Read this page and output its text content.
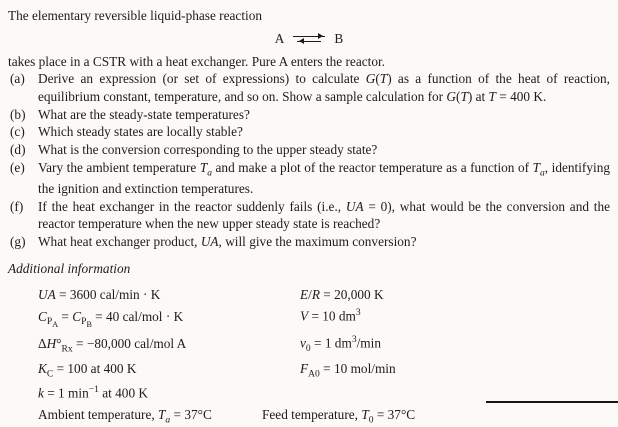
The elementary reversible liquid-phase reaction

A ⇌ B

takes place in a CSTR with a heat exchanger. Pure A enters the reactor.

(a) Derive an expression (or set of expressions) to calculate G(T) as a function of the heat of reaction, equilibrium constant, temperature, and so on. Show a sample calculation for G(T) at T = 400 K.
(b) What are the steady-state temperatures?
(c) Which steady states are locally stable?
(d) What is the conversion corresponding to the upper steady state?
(e) Vary the ambient temperature $T_a$ and make a plot of the reactor temperature as a function of $T_a$, identifying the ignition and extinction temperatures.
(f) If the heat exchanger in the reactor suddenly fails (i.e., UA = 0), what would be the conversion and the reactor temperature when the new upper steady state is reached?
(g) What heat exchanger product, UA, will give the maximum conversion?

Additional information

UA = 3600 cal/min · K	E/R = 20,000 K
$C_{P_A} = C_{P_B} = 40$ cal/mol · K	V = 10 $dm^3$
$\Delta H^\circ_{Rx} = -80,000$ cal/mol A	$v_0 = 1$ $dm^3/\min$
$K_C = 100$ at 400 K	$F_{A0} = 10$ mol/min
k = 1 $\min^{-1}$ at 400 K
Ambient temperature, $T_a = 37^\circ C$	Feed temperature, $T_0 = 37^\circ C$
